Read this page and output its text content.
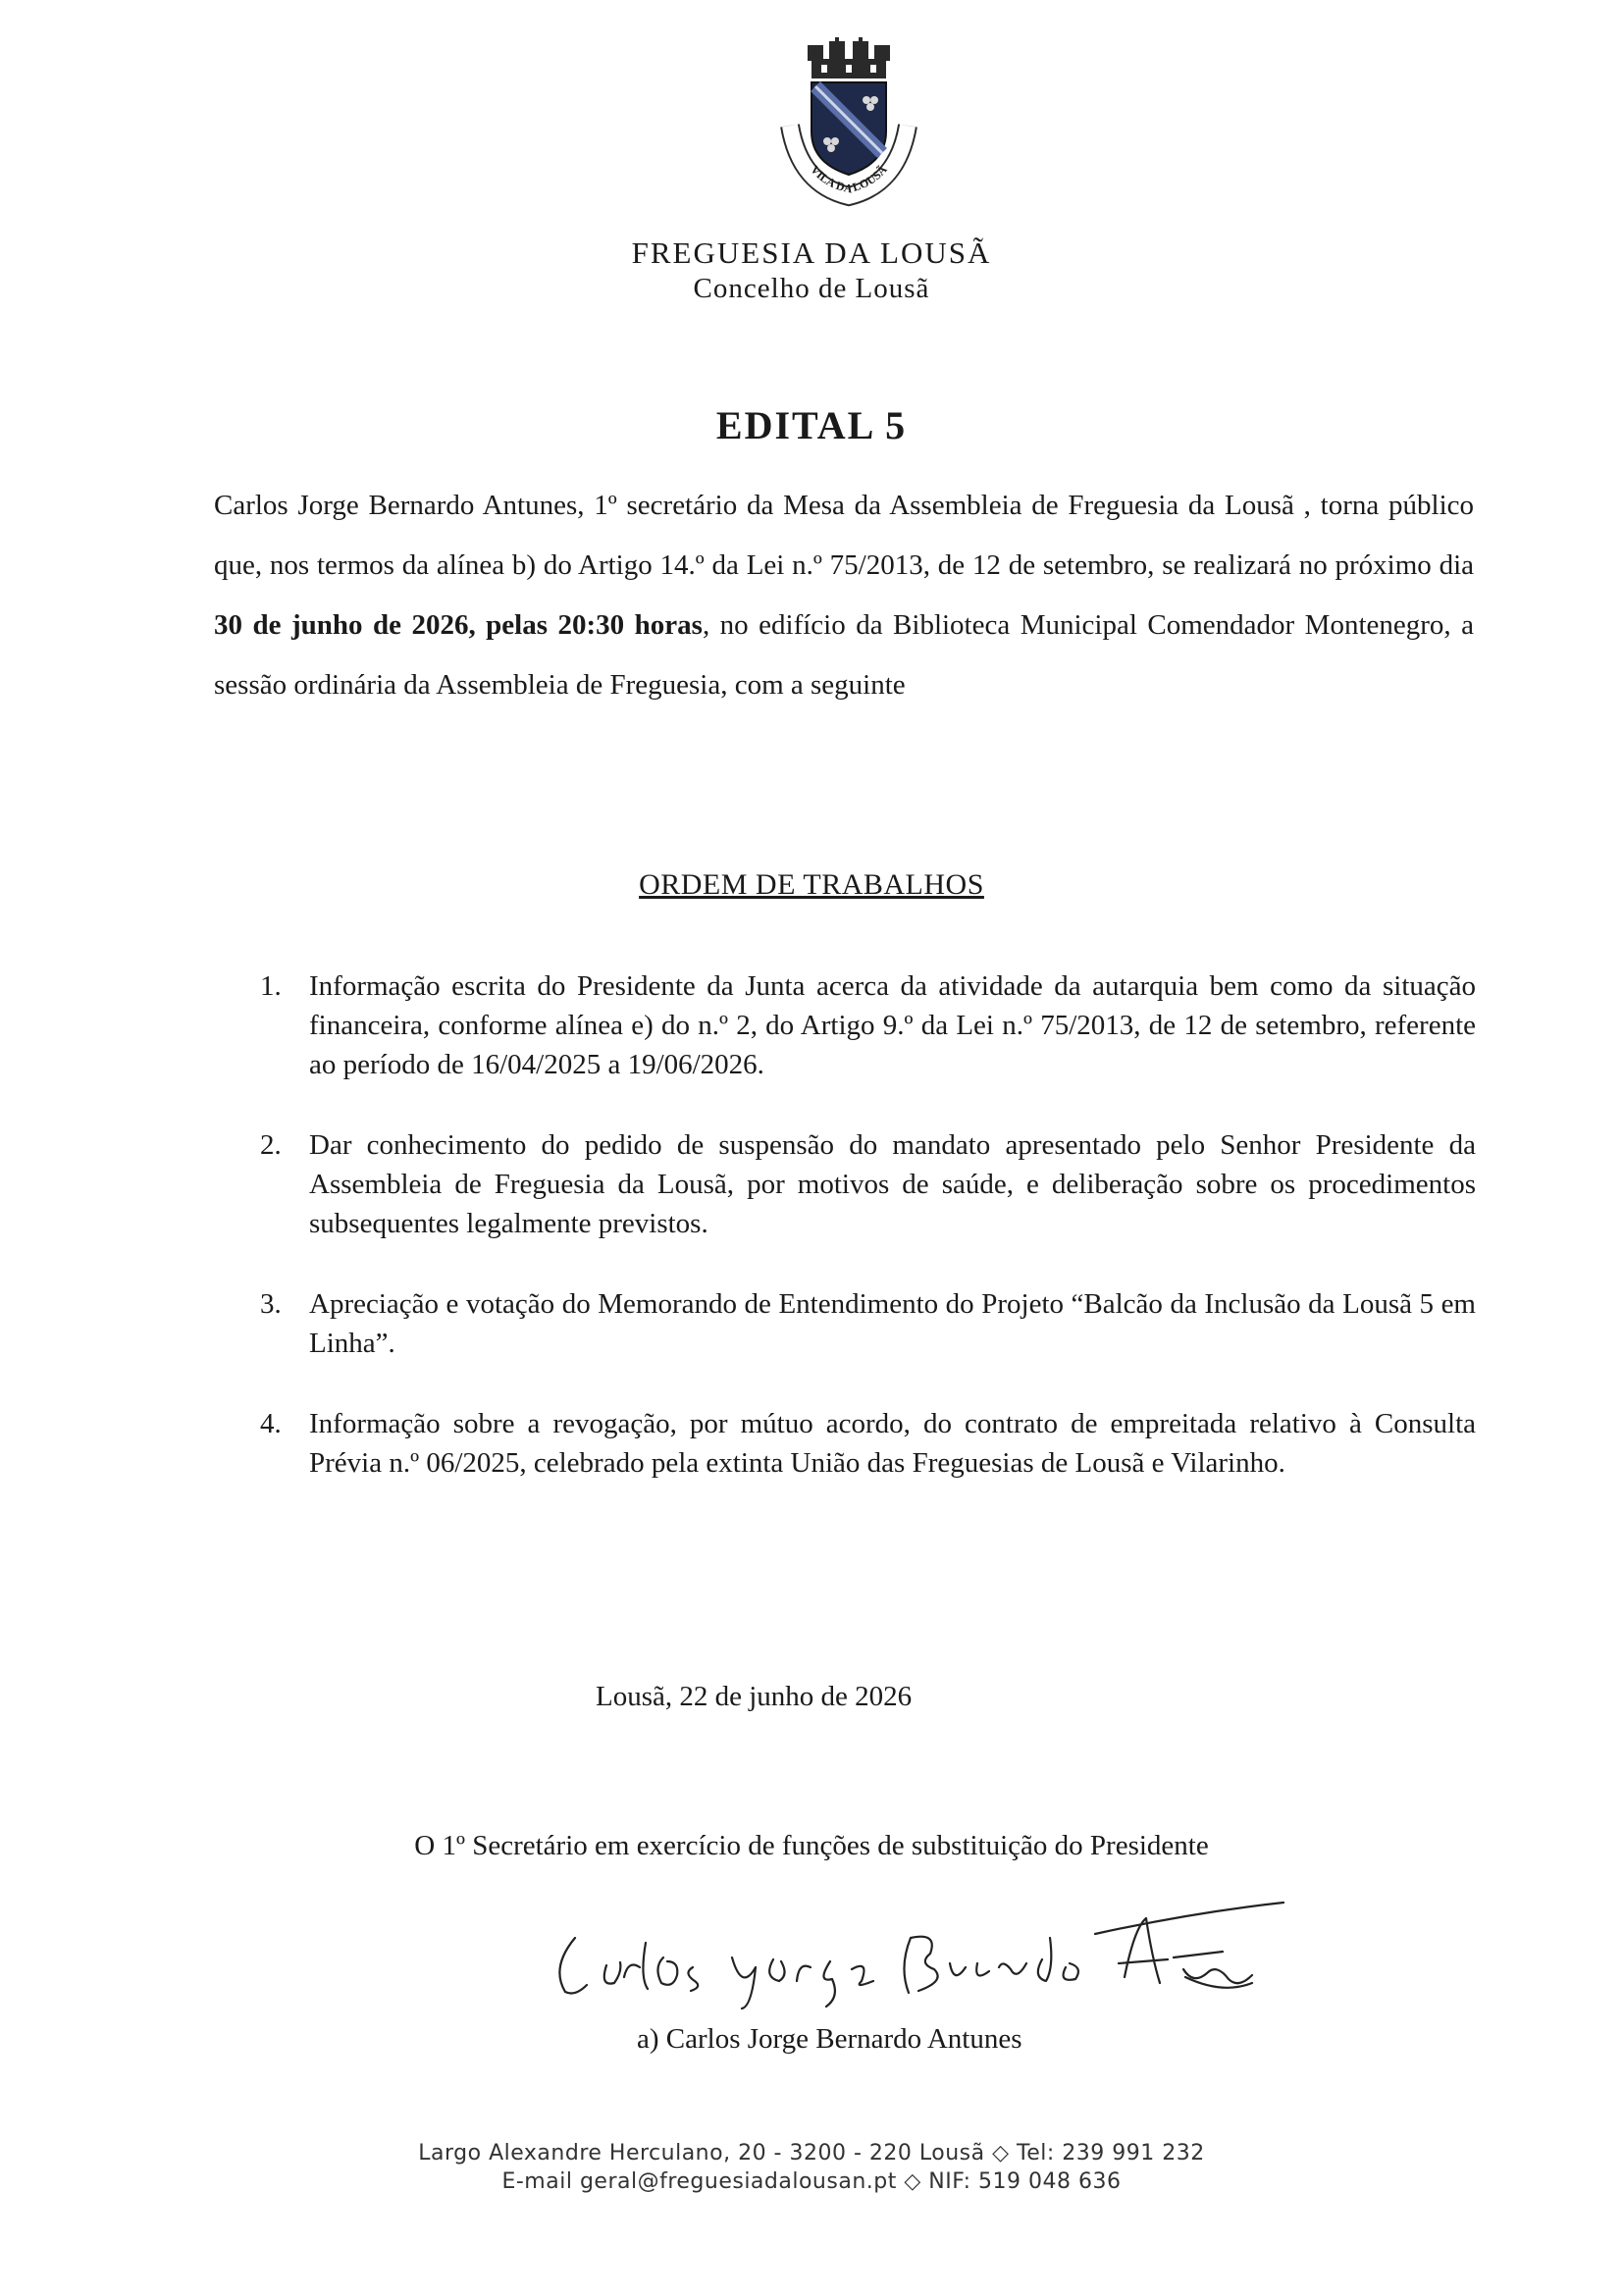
VILA DA LOUSÃ
FREGUESIA DA LOUSÃ
Concelho de Lousã
EDITAL 5

Carlos Jorge Bernardo Antunes, 1º secretário da Mesa da Assembleia de Freguesia da Lousã , torna público que, nos termos da alínea b) do Artigo 14.º da Lei n.º 75/2013, de 12 de setembro, se realizará no próximo dia 30 de junho de 2026, pelas 20:30 horas, no edifício da Biblioteca Municipal Comendador Montenegro, a sessão ordinária da Assembleia de Freguesia, com a seguinte

ORDEM DE TRABALHOS
1. Informação escrita do Presidente da Junta acerca da atividade da autarquia bem como da situação financeira, conforme alínea e) do n.º 2, do Artigo 9.º da Lei n.º 75/2013, de 12 de setembro, referente ao período de 16/04/2025 a 19/06/2026.
2. Dar conhecimento do pedido de suspensão do mandato apresentado pelo Senhor Presidente da Assembleia de Freguesia da Lousã, por motivos de saúde, e deliberação sobre os procedimentos subsequentes legalmente previstos.
3. Apreciação e votação do Memorando de Entendimento do Projeto “Balcão da Inclusão da Lousã 5 em Linha”.
4. Informação sobre a revogação, por mútuo acordo, do contrato de empreitada relativo à Consulta Prévia n.º 06/2025, celebrado pela extinta União das Freguesias de Lousã e Vilarinho.
Lousã, 22 de junho de 2026
O 1º Secretário em exercício de funções de substituição do Presidente
a) Carlos Jorge Bernardo Antunes
Largo Alexandre Herculano, 20 - 3200 - 220 Lousã ◇ Tel: 239 991 232
E-mail geral@freguesiadalousan.pt ◇ NIF: 519 048 636
